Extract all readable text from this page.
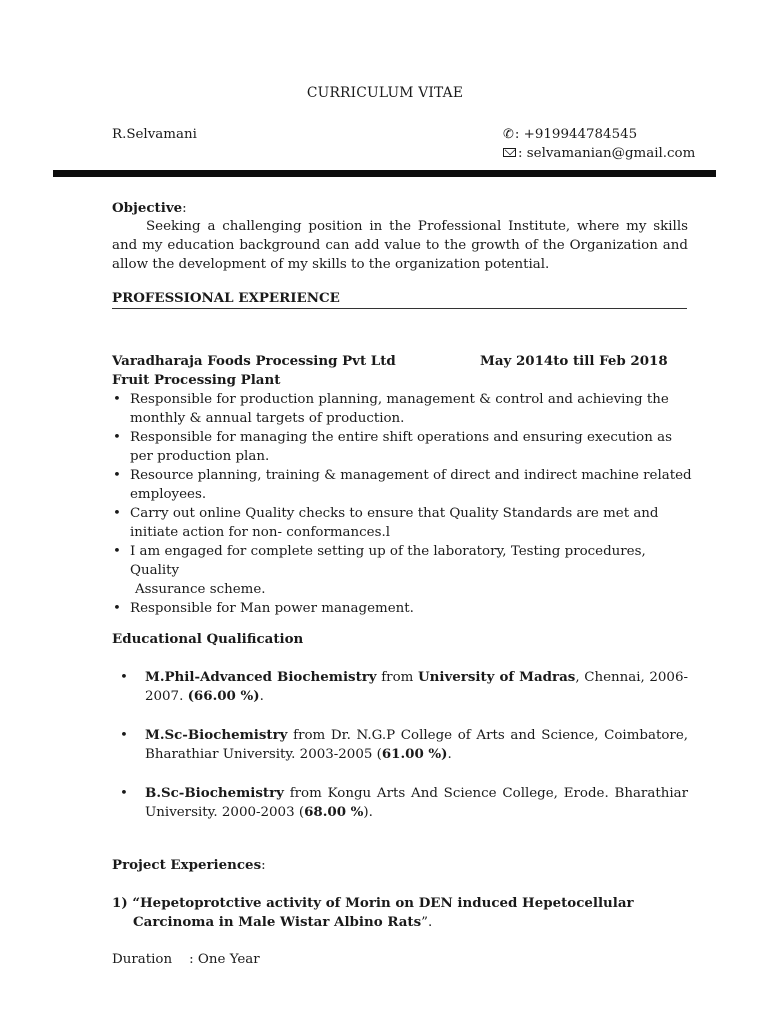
CURRICULUM VITAE
R.Selvamani	✆: +919944784545
: selvamanian@gmail.com
Objective:

Seeking a challenging position in the Professional Institute, where my skills and my education background can add value to the growth of the Organization and allow the development of my skills to the organization potential.

PROFESSIONAL EXPERIENCE
Varadharaja Foods Processing Pvt Ltd	May 2014to till Feb 2018
Fruit Processing Plant
• Responsible for production planning, management & control and achieving the monthly & annual targets of production.
• Responsible for managing the entire shift operations and ensuring execution as per production plan.
• Resource planning, training & management of direct and indirect machine related employees.
• Carry out online Quality checks to ensure that Quality Standards are met and initiate action for non- conformances.l
• I am engaged for complete setting up of the laboratory, Testing procedures, Quality
Assurance scheme.
• Responsible for Man power management.
Educational Qualification
• M.Phil-Advanced Biochemistry from University of Madras, Chennai, 2006-2007. (66.00 %).
• M.Sc-Biochemistry from Dr. N.G.P College of Arts and Science, Coimbatore, Bharathiar University. 2003-2005 (61.00 %).
• B.Sc-Biochemistry from Kongu Arts And Science College, Erode. Bharathiar University. 2000-2003 (68.00 %).
Project Experiences:
1) “Hepetoprotctive activity of Morin on DEN induced Hepetocellular
Carcinoma in Male Wistar Albino Rats”.
Duration : One Year
